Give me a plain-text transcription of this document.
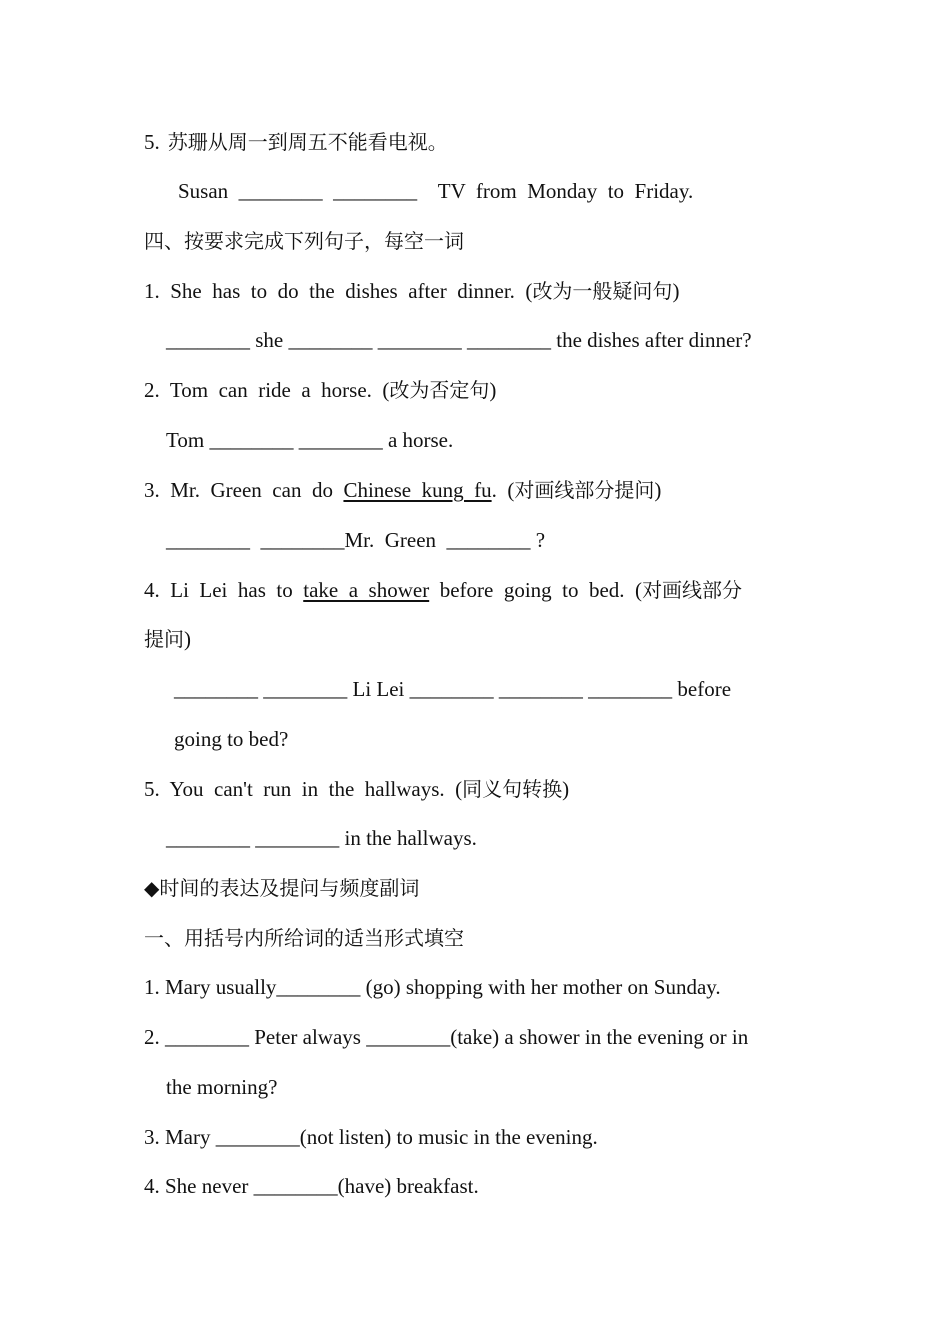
5. 苏珊从周一到周五不能看电视。
Susan  ________  ________    TV  from  Monday  to  Friday.
四、按要求完成下列句子，每空一词
1.  She  has  to  do  the  dishes  after  dinner.  (改为一般疑问句)
________ she ________ ________ ________ the dishes after dinner?
2.  Tom  can  ride  a  horse.  (改为否定句)
Tom ________ ________ a horse.
3.  Mr.  Green  can  do  Chinese  kung  fu.  (对画线部分提问)
________  ________Mr.  Green  ________ ?
4.  Li  Lei  has  to  take  a  shower  before  going  to  bed.  (对画线部分
提问)
________ ________ Li Lei ________ ________ ________ before
going to bed?
5.  You  can't  run  in  the  hallways.  (同义句转换)
________ ________ in the hallways.
◆时间的表达及提问与频度副词
一、用括号内所给词的适当形式填空
1. Mary usually________ (go) shopping with her mother on Sunday.
2. ________ Peter always ________(take) a shower in the evening or in
the morning?
3. Mary ________(not listen) to music in the evening.
4. She never ________(have) breakfast.
